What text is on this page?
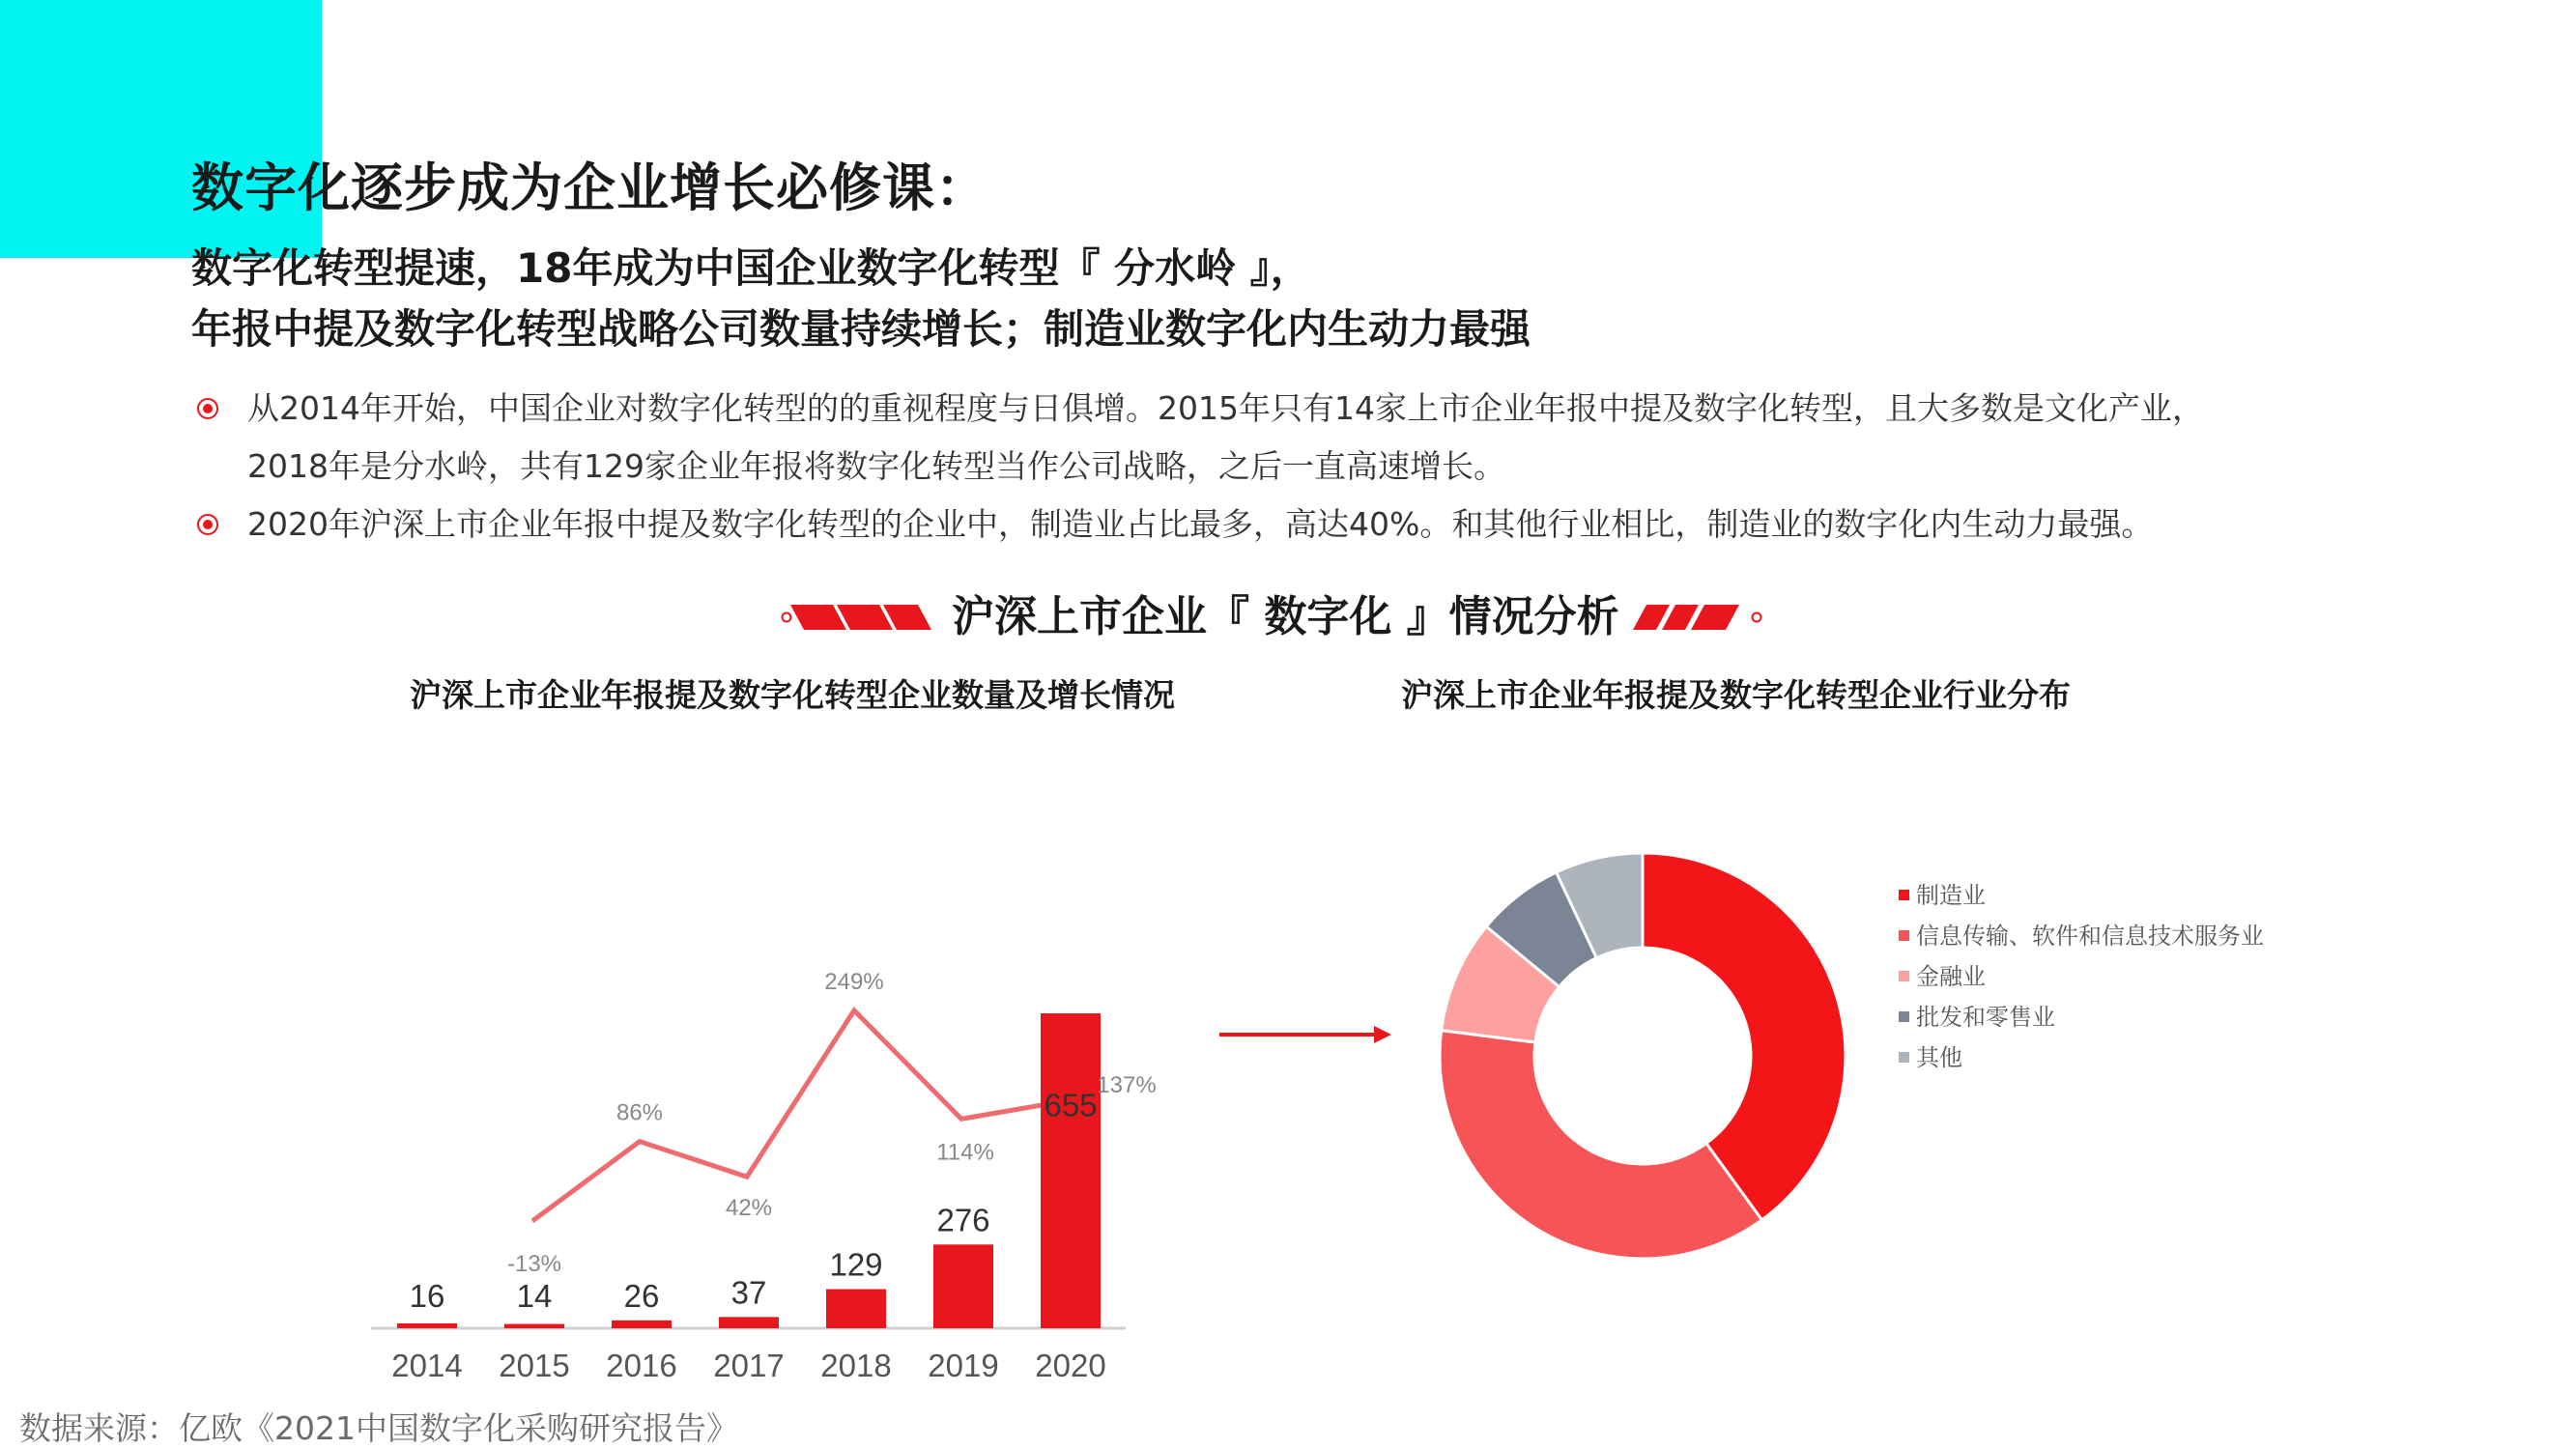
数字化逐步成为企业增长必修课：
数字化转型提速，18年成为中国企业数字化转型『 分水岭 』，
年报中提及数字化转型战略公司数量持续增长；制造业数字化内生动力最强
从2014年开始，中国企业对数字化转型的的重视程度与日俱增。2015年只有14家上市企业年报中提及数字化转型，且大多数是文化产业，
2018年是分水岭，共有129家企业年报将数字化转型当作公司战略，之后一直高速增长。
2020年沪深上市企业年报中提及数字化转型的企业中，制造业占比最多，高达40%。和其他行业相比，制造业的数字化内生动力最强。
沪深上市企业『 数字化 』情况分析
沪深上市企业年报提及数字化转型企业数量及增长情况	沪深上市企业年报提及数字化转型企业行业分布
16
2014
14
2015
26
2016
37
2017
129
2018
276
2019
655
2020
-13%
86%
42%
249%
114%
137%
制造业
信息传输、软件和信息技术服务业
金融业
批发和零售业
其他
数据来源：亿欧《2021中国数字化采购研究报告》
